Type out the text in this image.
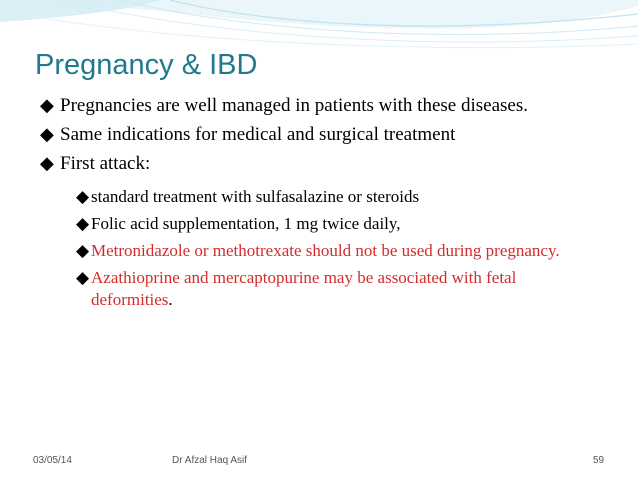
Pregnancy & IBD
◆ Pregnancies are well managed in patients with these diseases.
◆ Same indications for medical and surgical treatment
◆ First attack:
◆ standard treatment with sulfasalazine or steroids
◆ Folic acid supplementation, 1 mg twice daily,
◆ Metronidazole or methotrexate should not be used during pregnancy.
◆ Azathioprine and mercaptopurine may be associated with fetal deformities.
03/05/14	Dr Afzal Haq Asif	59
